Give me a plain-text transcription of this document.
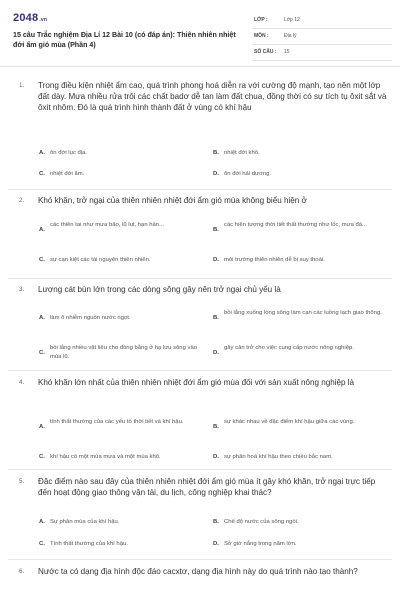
2048.vn
15 câu Trắc nghiệm Địa Lí 12 Bài 10 (có đáp án): Thiên nhiên nhiệt đới ẩm gió mùa (Phần 4)
LỚP :	Lớp 12
MÔN :	Địa lý
SỐ CÂU : 15
1. Trong điều kiện nhiệt ẩm cao, quá trình phong hoá diễn ra với cường độ mạnh, tạo nên một lớp đất dày. Mưa nhiều rửa trôi các chất badơ dễ tan làm đất chua, đồng thời có sự tích tụ ôxit sắt và ôxit nhôm. Đó là quá trình hình thành đất ở vùng có khí hậu
A. ôn đới lục địa.	B. nhiệt đới khô.
C. nhiệt đới ẩm.	D. ôn đới hải dương.
2. Khó khăn, trở ngại của thiên nhiên nhiệt đới ẩm gió mùa không biểu hiện ở
A.
các thiên tai như mưa bão, lũ lụt, hạn hán...
B.
các hiện tượng thời tiết thất thường như lốc, mưa đá...
C. sự cạn kiệt các tài nguyên thiên nhiên.	D. môi trường thiên nhiên dễ bị suy thoái.
3. Lượng cát bùn lớn trong các dòng sông gây nên trở ngại chủ yếu là
A. làm ô nhiễm nguồn nước ngọt.	B.
bồi lắng xuống lòng sông làm cạn các luồng lạch giao thông.
C.
bồi lắng nhiều vật liệu cho đồng bằng ở hạ lưu sông vào mùa lũ.
D.
gây cản trở cho việc cung cấp nước nông nghiệp.
4. Khó khăn lớn nhất của thiên nhiên nhiệt đới ẩm gió mùa đối với sản xuất nông nghiệp là
A.
tính thất thường của các yếu tố thời tiết và khí hậu.
B.
sự khác nhau về đặc điểm khí hậu giữa các vùng.
C. khí hậu có một mùa mưa và một mùa khô.	D. sự phân hoá khí hậu theo chiều bắc nam.
5. Đặc điểm nào sau đây của thiên nhiên nhiệt đới ẩm gió mùa ít gây khó khăn, trở ngại trực tiếp đến hoạt động giao thông vận tải, du lịch, công nghiệp khai thác?
A. Sự phân mùa của khí hậu.	B. Chế độ nước của sông ngòi.
C. Tính thất thường của khí hậu.	D. Sở giờ nắng trong năm lớn.
6. Nước ta có dạng địa hình độc đáo cacxtơ, dạng địa hình này do quá trình nào tạo thành?
